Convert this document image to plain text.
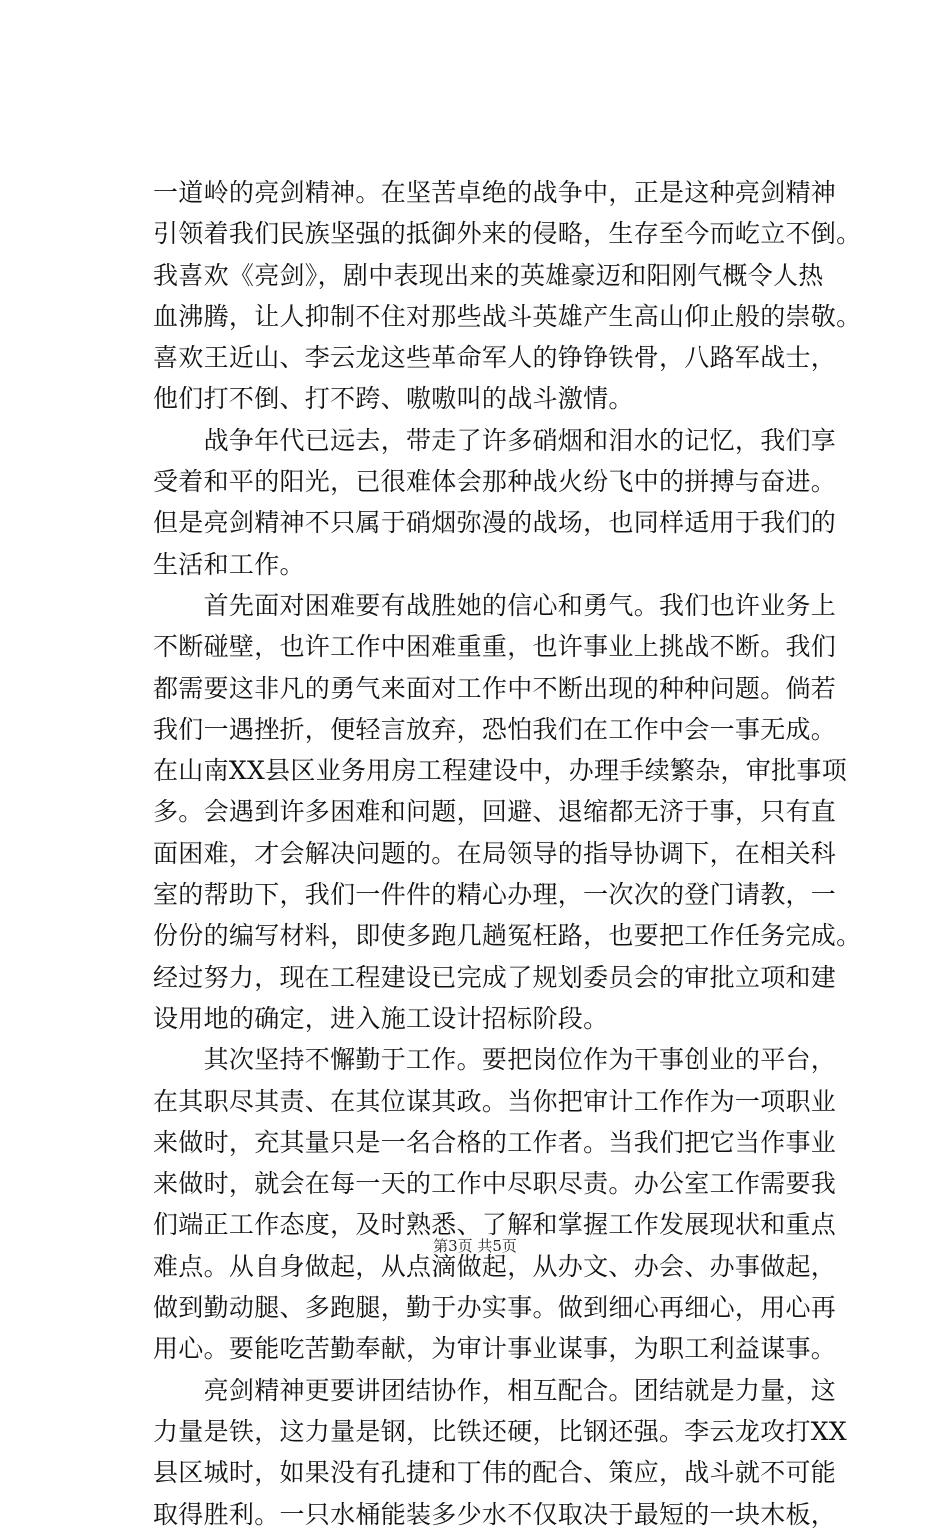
一道岭的亮剑精神。在坚苦卓绝的战争中，正是这种亮剑精神
引领着我们民族坚强的抵御外来的侵略，生存至今而屹立不倒。
我喜欢《亮剑》，剧中表现出来的英雄豪迈和阳刚气概令人热
血沸腾，让人抑制不住对那些战斗英雄产生高山仰止般的崇敬。
喜欢王近山、李云龙这些革命军人的铮铮铁骨，八路军战士，
他们打不倒、打不跨、嗷嗷叫的战斗激情。
　　战争年代已远去，带走了许多硝烟和泪水的记忆，我们享
受着和平的阳光，已很难体会那种战火纷飞中的拼搏与奋进。
但是亮剑精神不只属于硝烟弥漫的战场，也同样适用于我们的
生活和工作。
　　首先面对困难要有战胜她的信心和勇气。我们也许业务上
不断碰壁，也许工作中困难重重，也许事业上挑战不断。我们
都需要这非凡的勇气来面对工作中不断出现的种种问题。倘若
我们一遇挫折，便轻言放弃，恐怕我们在工作中会一事无成。
在山南XX县区业务用房工程建设中，办理手续繁杂，审批事项
多。会遇到许多困难和问题，回避、退缩都无济于事，只有直
面困难，才会解决问题的。在局领导的指导协调下，在相关科
室的帮助下，我们一件件的精心办理，一次次的登门请教，一
份份的编写材料，即使多跑几趟冤枉路，也要把工作任务完成。
经过努力，现在工程建设已完成了规划委员会的审批立项和建
设用地的确定，进入施工设计招标阶段。
　　其次坚持不懈勤于工作。要把岗位作为干事创业的平台，
在其职尽其责、在其位谋其政。当你把审计工作作为一项职业
来做时，充其量只是一名合格的工作者。当我们把它当作事业
来做时，就会在每一天的工作中尽职尽责。办公室工作需要我
们端正工作态度，及时熟悉、了解和掌握工作发展现状和重点
难点。从自身做起，从点滴做起，从办文、办会、办事做起，
做到勤动腿、多跑腿，勤于办实事。做到细心再细心，用心再
用心。要能吃苦勤奉献，为审计事业谋事，为职工利益谋事。
　　亮剑精神更要讲团结协作，相互配合。团结就是力量，这
力量是铁，这力量是钢，比铁还硬，比钢还强。李云龙攻打XX
县区城时，如果没有孔捷和丁伟的配合、策应，战斗就不可能
取得胜利。一只水桶能装多少水不仅取决于最短的一块木板，
第3页 共5页
